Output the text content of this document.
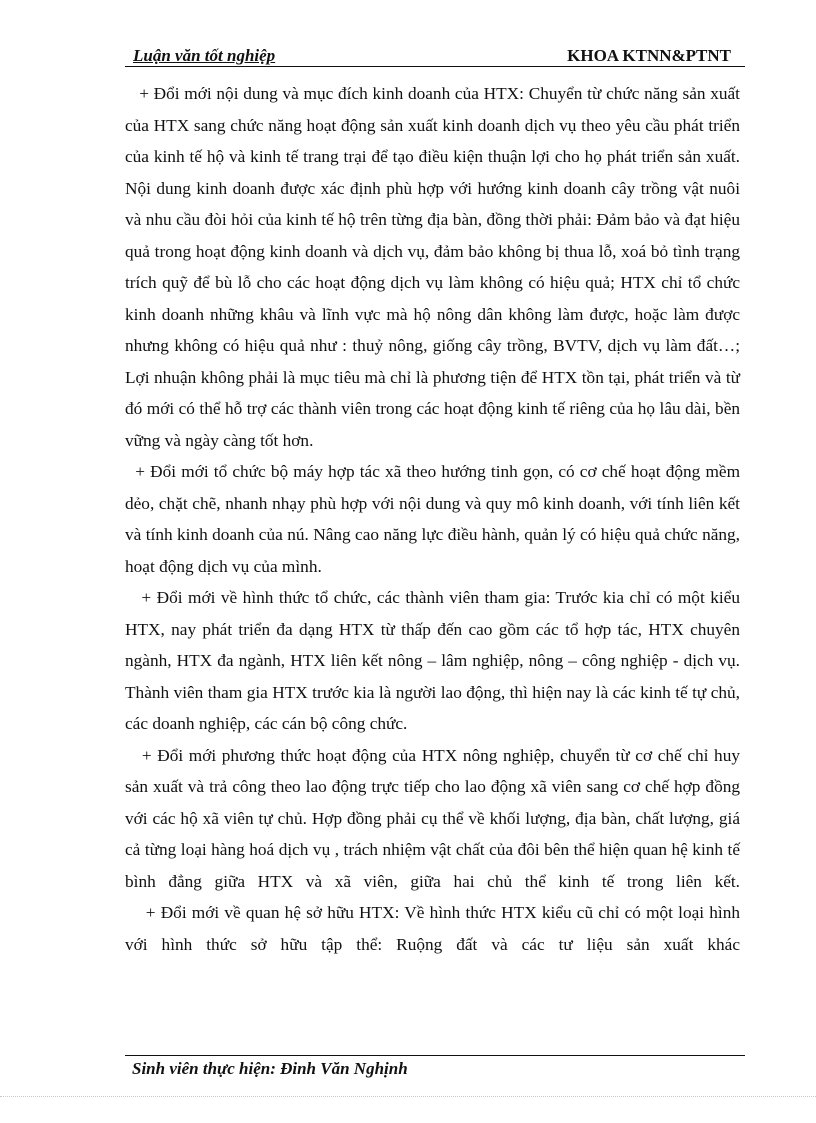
Luận văn tốt nghiệp	KHOA KTNN&PTNT

+ Đổi mới nội dung và mục đích kinh doanh của HTX: Chuyển từ chức năng sản xuất của HTX sang chức năng hoạt động sản xuất kinh doanh dịch vụ theo yêu cầu phát triển của kinh tế hộ và kinh tế trang trại để tạo điều kiện thuận lợi cho họ phát triển sản xuất. Nội dung kinh doanh được xác định phù hợp với hướng kinh doanh cây trồng vật nuôi và nhu cầu đòi hỏi của kinh tế hộ trên từng địa bàn, đồng thời phải: Đảm bảo và đạt hiệu quả trong hoạt động kinh doanh và dịch vụ, đảm bảo không bị thua lỗ, xoá bỏ tình trạng trích quỹ để bù lỗ cho các hoạt động dịch vụ làm không có hiệu quả; HTX chỉ tổ chức kinh doanh những khâu và lĩnh vực mà hộ nông dân không làm được, hoặc làm được nhưng không có hiệu quả như : thuỷ nông, giống cây trồng, BVTV, dịch vụ làm đất…; Lợi nhuận không phải là mục tiêu mà chỉ là phương tiện để HTX tồn tại, phát triển và từ đó mới có thể hỗ trợ các thành viên trong các hoạt động kinh tế riêng của họ lâu dài, bền vững và ngày càng tốt hơn.

+ Đổi mới tổ chức bộ máy hợp tác xã theo hướng tinh gọn, có cơ chế hoạt động mềm dẻo, chặt chẽ, nhanh nhạy phù hợp với nội dung và quy mô kinh doanh, với tính liên kết và tính kinh doanh của nú. Nâng cao năng lực điều hành, quản lý có hiệu quả chức năng, hoạt động dịch vụ của mình.

+ Đổi mới về hình thức tổ chức, các thành viên tham gia: Trước kia chỉ có một kiểu HTX, nay phát triển đa dạng HTX từ thấp đến cao gồm các tổ hợp tác, HTX chuyên ngành, HTX đa ngành, HTX liên kết nông – lâm nghiệp, nông – công nghiệp - dịch vụ. Thành viên tham gia HTX trước kia là người lao động, thì hiện nay là các kinh tế tự chủ, các doanh nghiệp, các cán bộ công chức.

+ Đổi mới phương thức hoạt động của HTX nông nghiệp, chuyển từ cơ chế chỉ huy sản xuất và trả công theo lao động trực tiếp cho lao động xã viên sang cơ chế hợp đồng với các hộ xã viên tự chủ. Hợp đồng phải cụ thể về khối lượng, địa bàn, chất lượng, giá cả từng loại hàng hoá dịch vụ , trách nhiệm vật chất của đôi bên thể hiện quan hệ kinh tế bình đẳng giữa HTX và xã viên, giữa hai chủ thể kinh tế trong liên kết.

+ Đổi mới về quan hệ sở hữu HTX: Về hình thức HTX kiểu cũ chỉ có một loại hình với hình thức sở hữu tập thể: Ruộng đất và các tư liệu sản xuất khác

Sinh viên thực hiện: Đinh Văn Nghịnh
